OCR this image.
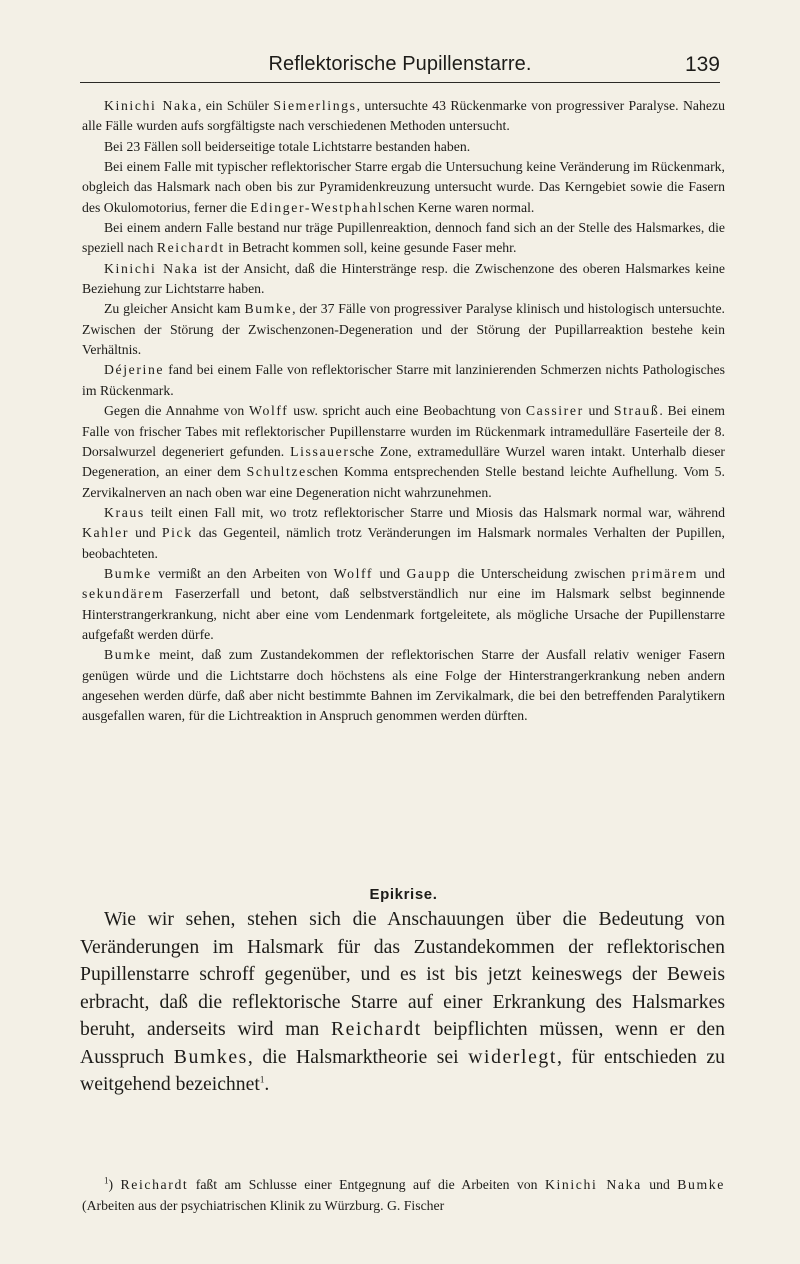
Reflektorische Pupillenstarre.	139

Kinichi Naka, ein Schüler Siemerlings, untersuchte 43 Rückenmarke von progressiver Paralyse. Nahezu alle Fälle wurden aufs sorgfältigste nach verschiedenen Methoden untersucht.

Bei 23 Fällen soll beiderseitige totale Lichtstarre bestanden haben.

Bei einem Falle mit typischer reflektorischer Starre ergab die Untersuchung keine Veränderung im Rückenmark, obgleich das Halsmark nach oben bis zur Pyramidenkreuzung untersucht wurde. Das Kerngebiet sowie die Fasern des Okulomotorius, ferner die Edinger-Westphahlschen Kerne waren normal.

Bei einem andern Falle bestand nur träge Pupillenreaktion, dennoch fand sich an der Stelle des Halsmarkes, die speziell nach Reichardt in Betracht kommen soll, keine gesunde Faser mehr.

Kinichi Naka ist der Ansicht, daß die Hinterstränge resp. die Zwischenzone des oberen Halsmarkes keine Beziehung zur Lichtstarre haben.

Zu gleicher Ansicht kam Bumke, der 37 Fälle von progressiver Paralyse klinisch und histologisch untersuchte. Zwischen der Störung der Zwischenzonen-Degeneration und der Störung der Pupillarreaktion bestehe kein Verhältnis.

Déjerine fand bei einem Falle von reflektorischer Starre mit lanzinierenden Schmerzen nichts Pathologisches im Rückenmark.

Gegen die Annahme von Wolff usw. spricht auch eine Beobachtung von Cassirer und Strauß. Bei einem Falle von frischer Tabes mit reflektorischer Pupillenstarre wurden im Rückenmark intramedulläre Faserteile der 8. Dorsalwurzel degeneriert gefunden. Lissauersche Zone, extramedulläre Wurzel waren intakt. Unterhalb dieser Degeneration, an einer dem Schultzeschen Komma entsprechenden Stelle bestand leichte Aufhellung. Vom 5. Zervikalnerven an nach oben war eine Degeneration nicht wahrzunehmen.

Kraus teilt einen Fall mit, wo trotz reflektorischer Starre und Miosis das Halsmark normal war, während Kahler und Pick das Gegenteil, nämlich trotz Veränderungen im Halsmark normales Verhalten der Pupillen, beobachteten.

Bumke vermißt an den Arbeiten von Wolff und Gaupp die Unterscheidung zwischen primärem und sekundärem Faserzerfall und betont, daß selbstverständlich nur eine im Halsmark selbst beginnende Hinterstrangerkrankung, nicht aber eine vom Lendenmark fortgeleitete, als mögliche Ursache der Pupillenstarre aufgefaßt werden dürfe.

Bumke meint, daß zum Zustandekommen der reflektorischen Starre der Ausfall relativ weniger Fasern genügen würde und die Lichtstarre doch höchstens als eine Folge der Hinterstrangerkrankung neben andern angesehen werden dürfe, daß aber nicht bestimmte Bahnen im Zervikalmark, die bei den betreffenden Paralytikern ausgefallen waren, für die Lichtreaktion in Anspruch genommen werden dürften.

Epikrise.

Wie wir sehen, stehen sich die Anschauungen über die Bedeutung von Veränderungen im Halsmark für das Zustandekommen der reflektorischen Pupillenstarre schroff gegenüber, und es ist bis jetzt keineswegs der Beweis erbracht, daß die reflektorische Starre auf einer Erkrankung des Halsmarkes beruht, anderseits wird man Reichardt beipflichten müssen, wenn er den Ausspruch Bumkes, die Halsmarktheorie sei widerlegt, für entschieden zu weitgehend bezeichnet$^1$.

$^1$) Reichardt faßt am Schlusse einer Entgegnung auf die Arbeiten von Kinichi Naka und Bumke (Arbeiten aus der psychiatrischen Klinik zu Würzburg. G. Fischer
